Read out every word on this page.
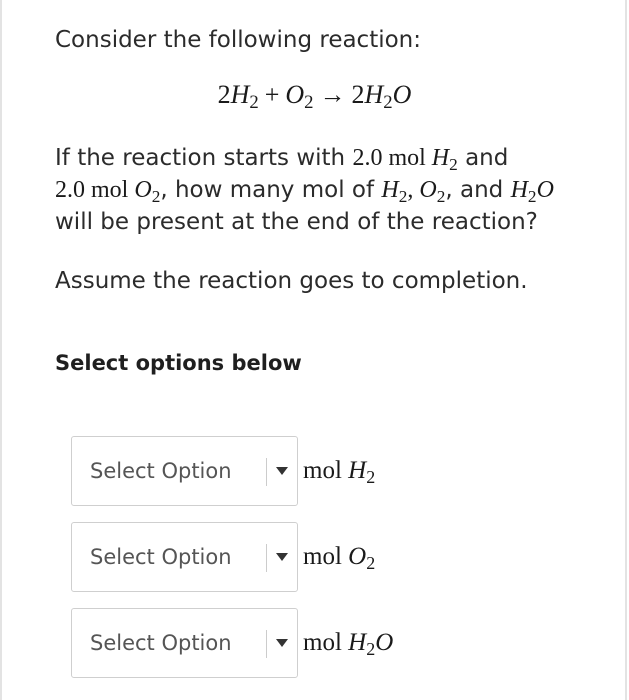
Consider the following reaction:

$2H_2 + O_2 \to 2H_2O$

If the reaction starts with 2.0 mol $H_2$ and
2.0 mol $O_2$, how many mol of $H_2$, $O_2$, and $H_2O$
will be present at the end of the reaction?

Assume the reaction goes to completion.

Select options below

Select Option	mol $H_2$
Select Option	mol $O_2$
Select Option	mol $H_2O$
